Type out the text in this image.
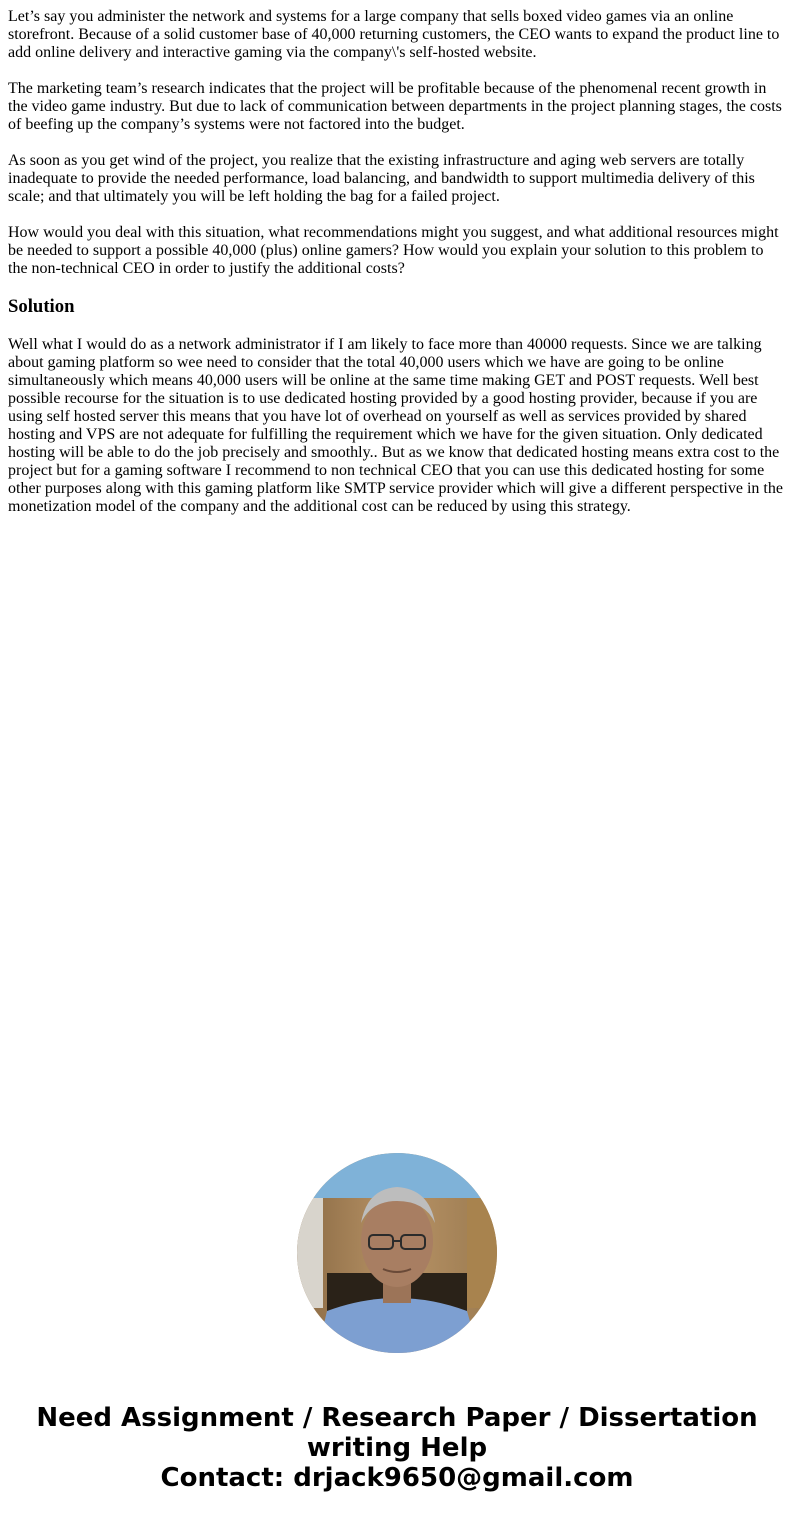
Let’s say you administer the network and systems for a large company that sells boxed video games via an online storefront. Because of a solid customer base of 40,000 returning customers, the CEO wants to expand the product line to add online delivery and interactive gaming via the company\'s self-hosted website.

The marketing team’s research indicates that the project will be profitable because of the phenomenal recent growth in the video game industry. But due to lack of communication between departments in the project planning stages, the costs of beefing up the company’s systems were not factored into the budget.

As soon as you get wind of the project, you realize that the existing infrastructure and aging web servers are totally inadequate to provide the needed performance, load balancing, and bandwidth to support multimedia delivery of this scale; and that ultimately you will be left holding the bag for a failed project.

How would you deal with this situation, what recommendations might you suggest, and what additional resources might be needed to support a possible 40,000 (plus) online gamers? How would you explain your solution to this problem to the non-technical CEO in order to justify the additional costs?

Solution

Well what I would do as a network administrator if I am likely to face more than 40000 requests. Since we are talking about gaming platform so wee need to consider that the total 40,000 users which we have are going to be online simultaneously which means 40,000 users will be online at the same time making GET and POST requests. Well best possible recourse for the situation is to use dedicated hosting provided by a good hosting provider, because if you are using self hosted server this means that you have lot of overhead on yourself as well as services provided by shared hosting and VPS are not adequate for fulfilling the requirement which we have for the given situation. Only dedicated hosting will be able to do the job precisely and smoothly.. But as we know that dedicated hosting means extra cost to the project but for a gaming software I recommend to non technical CEO that you can use this dedicated hosting for some other purposes along with this gaming platform like SMTP service provider which will give a different perspective in the monetization model of the company and the additional cost can be reduced by using this strategy.

Need Assignment / Research Paper / Dissertation
writing Help
Contact: drjack9650@gmail.com
